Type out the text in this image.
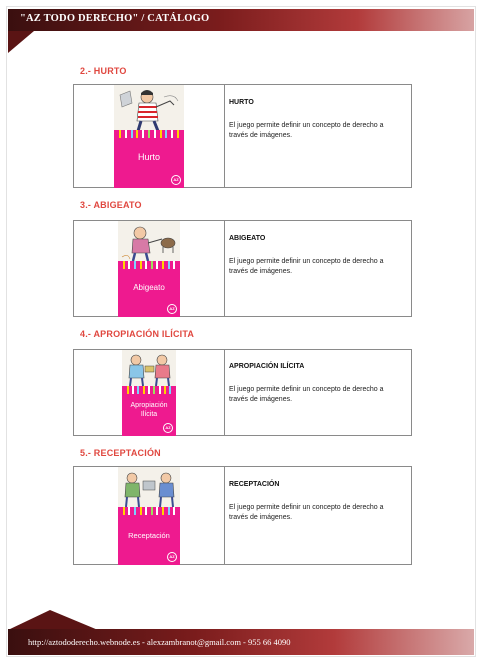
"AZ TODO DERECHO" / CATÁLOGO
2.- HURTO
Hurto
AZ
HURTO
El juego permite definir un concepto de derecho a través de imágenes.
3.- ABIGEATO
Abigeato
AZ
ABIGEATO
El juego permite definir un concepto de derecho a través de imágenes.
4.- APROPIACIÓN ILÍCITA
Apropiación Ilícita
AZ
APROPIACIÓN ILÍCITA
El juego permite definir un concepto de derecho a través de imágenes.
5.- RECEPTACIÓN
Receptación
AZ
RECEPTACIÓN
El juego permite definir un concepto de derecho a través de imágenes.
http://aztododerecho.webnode.es - alexzambranot@gmail.com - 955 66 4090
